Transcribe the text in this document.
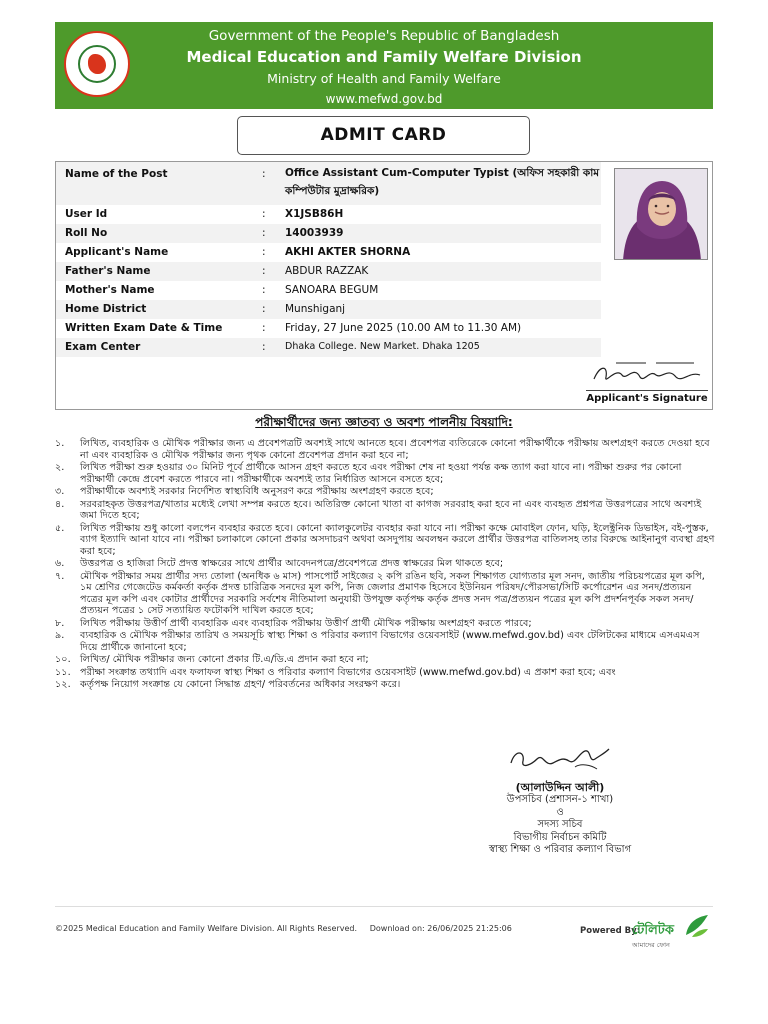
Government of the People's Republic of Bangladesh
Medical Education and Family Welfare Division
Ministry of Health and Family Welfare
www.mefwd.gov.bd
ADMIT CARD
Name of the Post	: Office Assistant Cum-Computer Typist (অফিস সহকারী কাম কম্পিউটার মুদ্রাক্ষরিক)
User Id	: X1JSB86H
Roll No	: 14003939
Applicant's Name	: AKHI AKTER SHORNA
Father's Name	: ABDUR RAZZAK
Mother's Name	: SANOARA BEGUM
Home District	: Munshiganj
Written Exam Date & Time	: Friday, 27 June 2025 (10.00 AM to 11.30 AM)
Exam Center	: Dhaka College. New Market. Dhaka 1205
Applicant's Signature
পরীক্ষার্থীদের জন্য জ্ঞাতব্য ও অবশ্য পালনীয় বিষয়াদি:
১.	লিখিত, ব্যবহারিক ও মৌখিক পরীক্ষার জন্য এ প্রবেশপত্রটি অবশ্যই সাথে আনতে হবে। প্রবেশপত্র ব্যতিরেকে কোনো পরীক্ষার্থীকে পরীক্ষায় অংশগ্রহণ করতে দেওয়া হবে না এবং ব্যবহারিক ও মৌখিক পরীক্ষার জন্য পৃথক কোনো প্রবেশপত্র প্রদান করা হবে না;
২.	লিখিত পরীক্ষা শুরু হওয়ার ৩০ মিনিট পূর্বে প্রার্থীকে আসন গ্রহণ করতে হবে এবং পরীক্ষা শেষ না হওয়া পর্যন্ত কক্ষ ত্যাগ করা যাবে না। পরীক্ষা শুরুর পর কোনো পরীক্ষার্থী কেন্দ্রে প্রবেশ করতে পারবে না। পরীক্ষার্থীকে অবশ্যই তার নির্ধারিত আসনে বসতে হবে;
৩.	পরীক্ষার্থীকে অবশ্যই সরকার নির্দেশিত স্বাস্থ্যবিধি অনুসরণ করে পরীক্ষায় অংশগ্রহণ করতে হবে;
৪.	সরবরাহকৃত উত্তরপত্র/খাতার মধ্যেই লেখা সম্পন্ন করতে হবে। অতিরিক্ত কোনো খাতা বা কাগজ সরবরাহ করা হবে না এবং ব্যবহৃত প্রশ্নপত্র উত্তরপত্রের সাথে অবশ্যই জমা দিতে হবে;
৫.	লিখিত পরীক্ষায় শুধু কালো বলপেন ব্যবহার করতে হবে। কোনো ক্যালকুলেটর ব্যবহার করা যাবে না। পরীক্ষা কক্ষে মোবাইল ফোন, ঘড়ি, ইলেক্ট্রনিক ডিভাইস, বই-পুস্তক, ব্যাগ ইত্যাদি আনা যাবে না। পরীক্ষা চলাকালে কোনো প্রকার অসদাচরণ অথবা অসদুপায় অবলম্বন করলে প্রার্থীর উত্তরপত্র বাতিলসহ তার বিরুদ্ধে আইনানুগ ব্যবস্থা গ্রহণ করা হবে;
৬.	উত্তরপত্র ও হাজিরা সিটে প্রদত্ত স্বাক্ষরের সাথে প্রার্থীর আবেদনপত্রে/প্রবেশপত্রে প্রদত্ত স্বাক্ষরের মিল থাকতে হবে;
৭.	মৌখিক পরীক্ষার সময় প্রার্থীর সদ্য তোলা (অনধিক ৬ মাস) পাসপোর্ট সাইজের ২ কপি রঙিন ছবি, সকল শিক্ষাগত যোগ্যতার মূল সনদ, জাতীয় পরিচয়পত্রের মূল কপি, ১ম শ্রেণির গেজেটেড কর্মকর্তা কর্তৃক প্রদত্ত চারিত্রিক সনদের মূল কপি, নিজ জেলার প্রমাণক হিসেবে ইউনিয়ন পরিষদ/পৌরসভা/সিটি কর্পোরেশন এর সনদ/প্রত্যয়ন পত্রের মূল কপি এবং কোটার প্রার্থীদের সরকারি সর্বশেষ নীতিমালা অনুযায়ী উপযুক্ত কর্তৃপক্ষ কর্তৃক প্রদত্ত সনদ পত্র/প্রত্যয়ন পত্রের মূল কপি প্রদর্শনপূর্বক সকল সনদ/প্রত্যয়ন পত্রের ১ সেট সত্যায়িত ফটোকপি দাখিল করতে হবে;
৮.	লিখিত পরীক্ষায় উত্তীর্ণ প্রার্থী ব্যবহারিক এবং ব্যবহারিক পরীক্ষায় উত্তীর্ণ প্রার্থী মৌখিক পরীক্ষায় অংশগ্রহণ করতে পারবে;
৯.	ব্যবহারিক ও মৌখিক পরীক্ষার তারিখ ও সময়সূচি স্বাস্থ্য শিক্ষা ও পরিবার কল্যাণ বিভাগের ওয়েবসাইট (www.mefwd.gov.bd) এবং টেলিটকের মাধ্যমে এসএমএস দিয়ে প্রার্থীকে জানানো হবে;
১০. লিখিত/ মৌখিক পরীক্ষার জন্য কোনো প্রকার টি.এ/ডি.এ প্রদান করা হবে না;
১১. পরীক্ষা সংক্রান্ত তথ্যাদি এবং ফলাফল স্বাস্থ্য শিক্ষা ও পরিবার কল্যাণ বিভাগের ওয়েবসাইট (www.mefwd.gov.bd) এ প্রকাশ করা হবে; এবং
১২. কর্তৃপক্ষ নিয়োগ সংক্রান্ত যে কোনো সিদ্ধান্ত গ্রহণ/ পরিবর্তনের অধিকার সংরক্ষণ করে।
(আলাউদ্দিন আলী)
উপসচিব (প্রশাসন-১ শাখা)
ও
সদস্য সচিব
বিভাগীয় নির্বাচন কমিটি
স্বাস্থ্য শিক্ষা ও পরিবার কল্যাণ বিভাগ
©2025 Medical Education and Family Welfare Division. All Rights Reserved. Download on: 26/06/2025 21:25:06	Powered By:
টেলিটক
আমাদের ফোন
